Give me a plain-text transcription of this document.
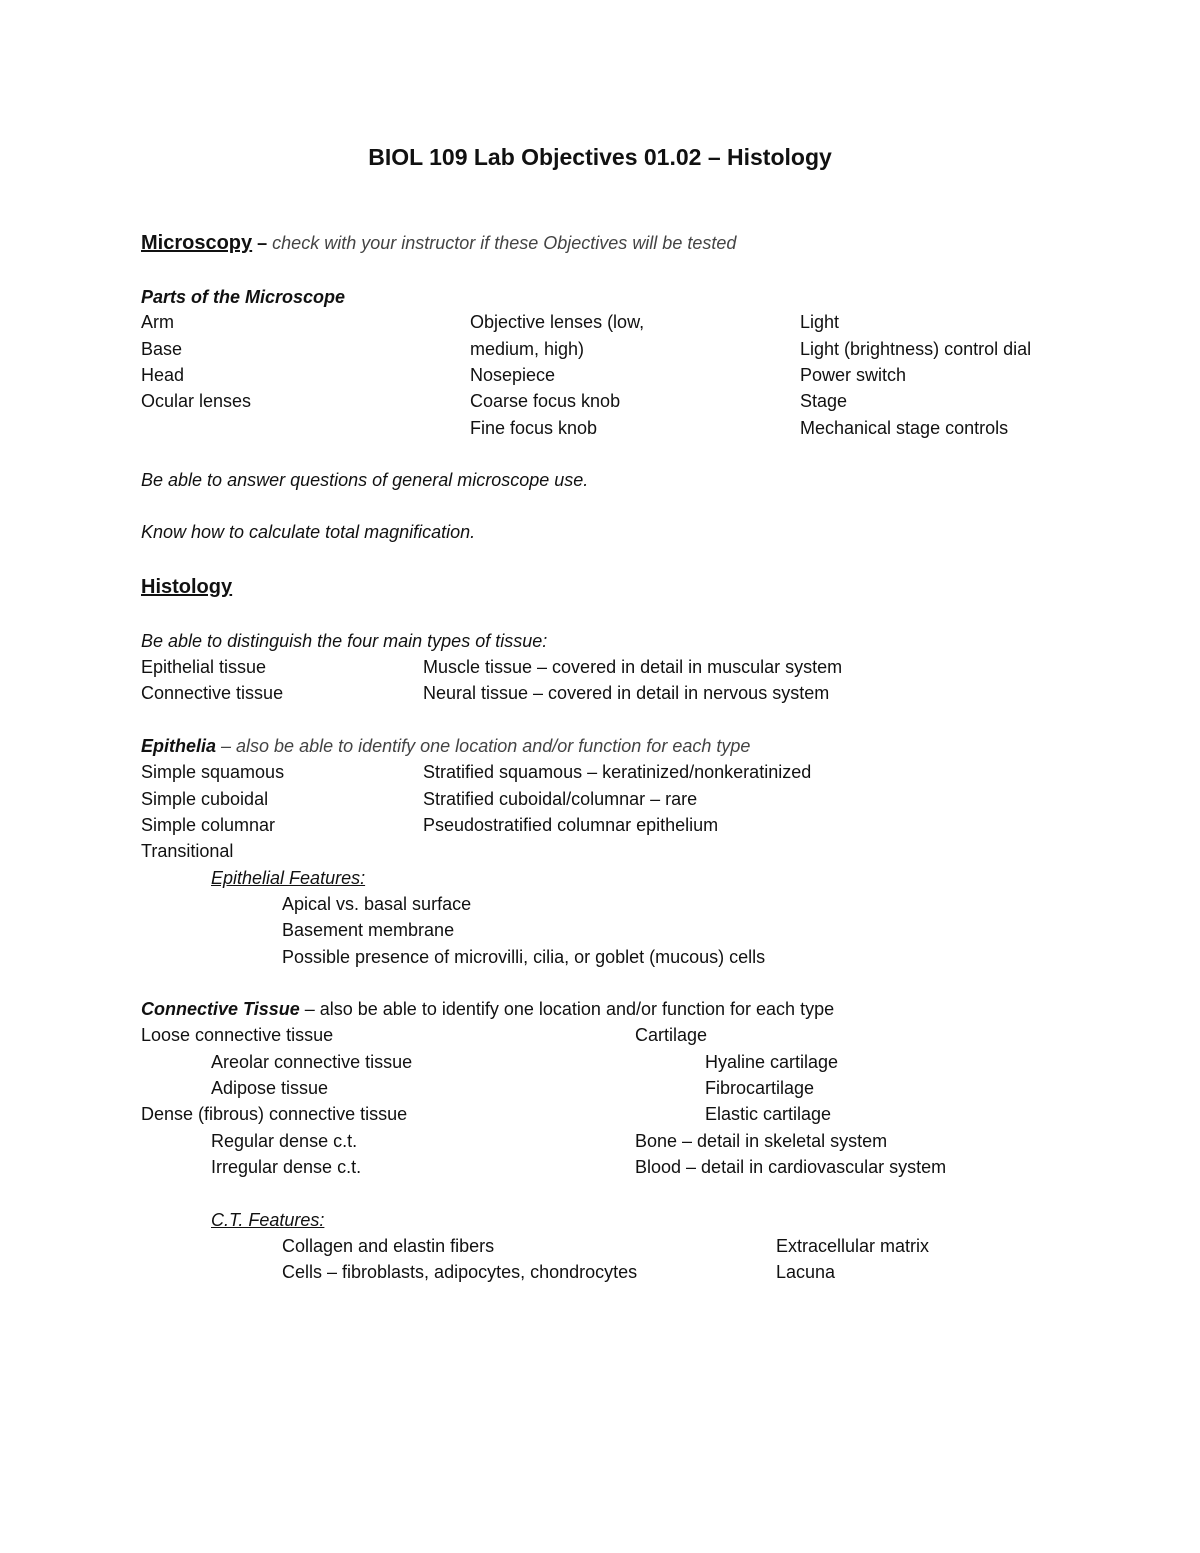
BIOL 109 Lab Objectives 01.02 – Histology
Microscopy – check with your instructor if these Objectives will be tested
Parts of the Microscope
Arm
Base
Head
Ocular lenses
Objective lenses (low,
medium, high)
Nosepiece
Coarse focus knob
Fine focus knob
Light
Light (brightness) control dial
Power switch
Stage
Mechanical stage controls
Be able to answer questions of general microscope use.
Know how to calculate total magnification.
Histology
Be able to distinguish the four main types of tissue:
Epithelial tissue
Connective tissue
Muscle tissue – covered in detail in muscular system
Neural tissue – covered in detail in nervous system
Epithelia – also be able to identify one location and/or function for each type
Simple squamous
Simple cuboidal
Simple columnar
Transitional
Stratified squamous – keratinized/nonkeratinized
Stratified cuboidal/columnar – rare
Pseudostratified columnar epithelium
Epithelial Features:
Apical vs. basal surface
Basement membrane
Possible presence of microvilli, cilia, or goblet (mucous) cells
Connective Tissue – also be able to identify one location and/or function for each type
Loose connective tissue
Areolar connective tissue
Adipose tissue
Dense (fibrous) connective tissue
Regular dense c.t.
Irregular dense c.t.
Cartilage
Hyaline cartilage
Fibrocartilage
Elastic cartilage
Bone – detail in skeletal system
Blood – detail in cardiovascular system
C.T. Features:
Collagen and elastin fibers
Cells – fibroblasts, adipocytes, chondrocytes
Extracellular matrix
Lacuna
